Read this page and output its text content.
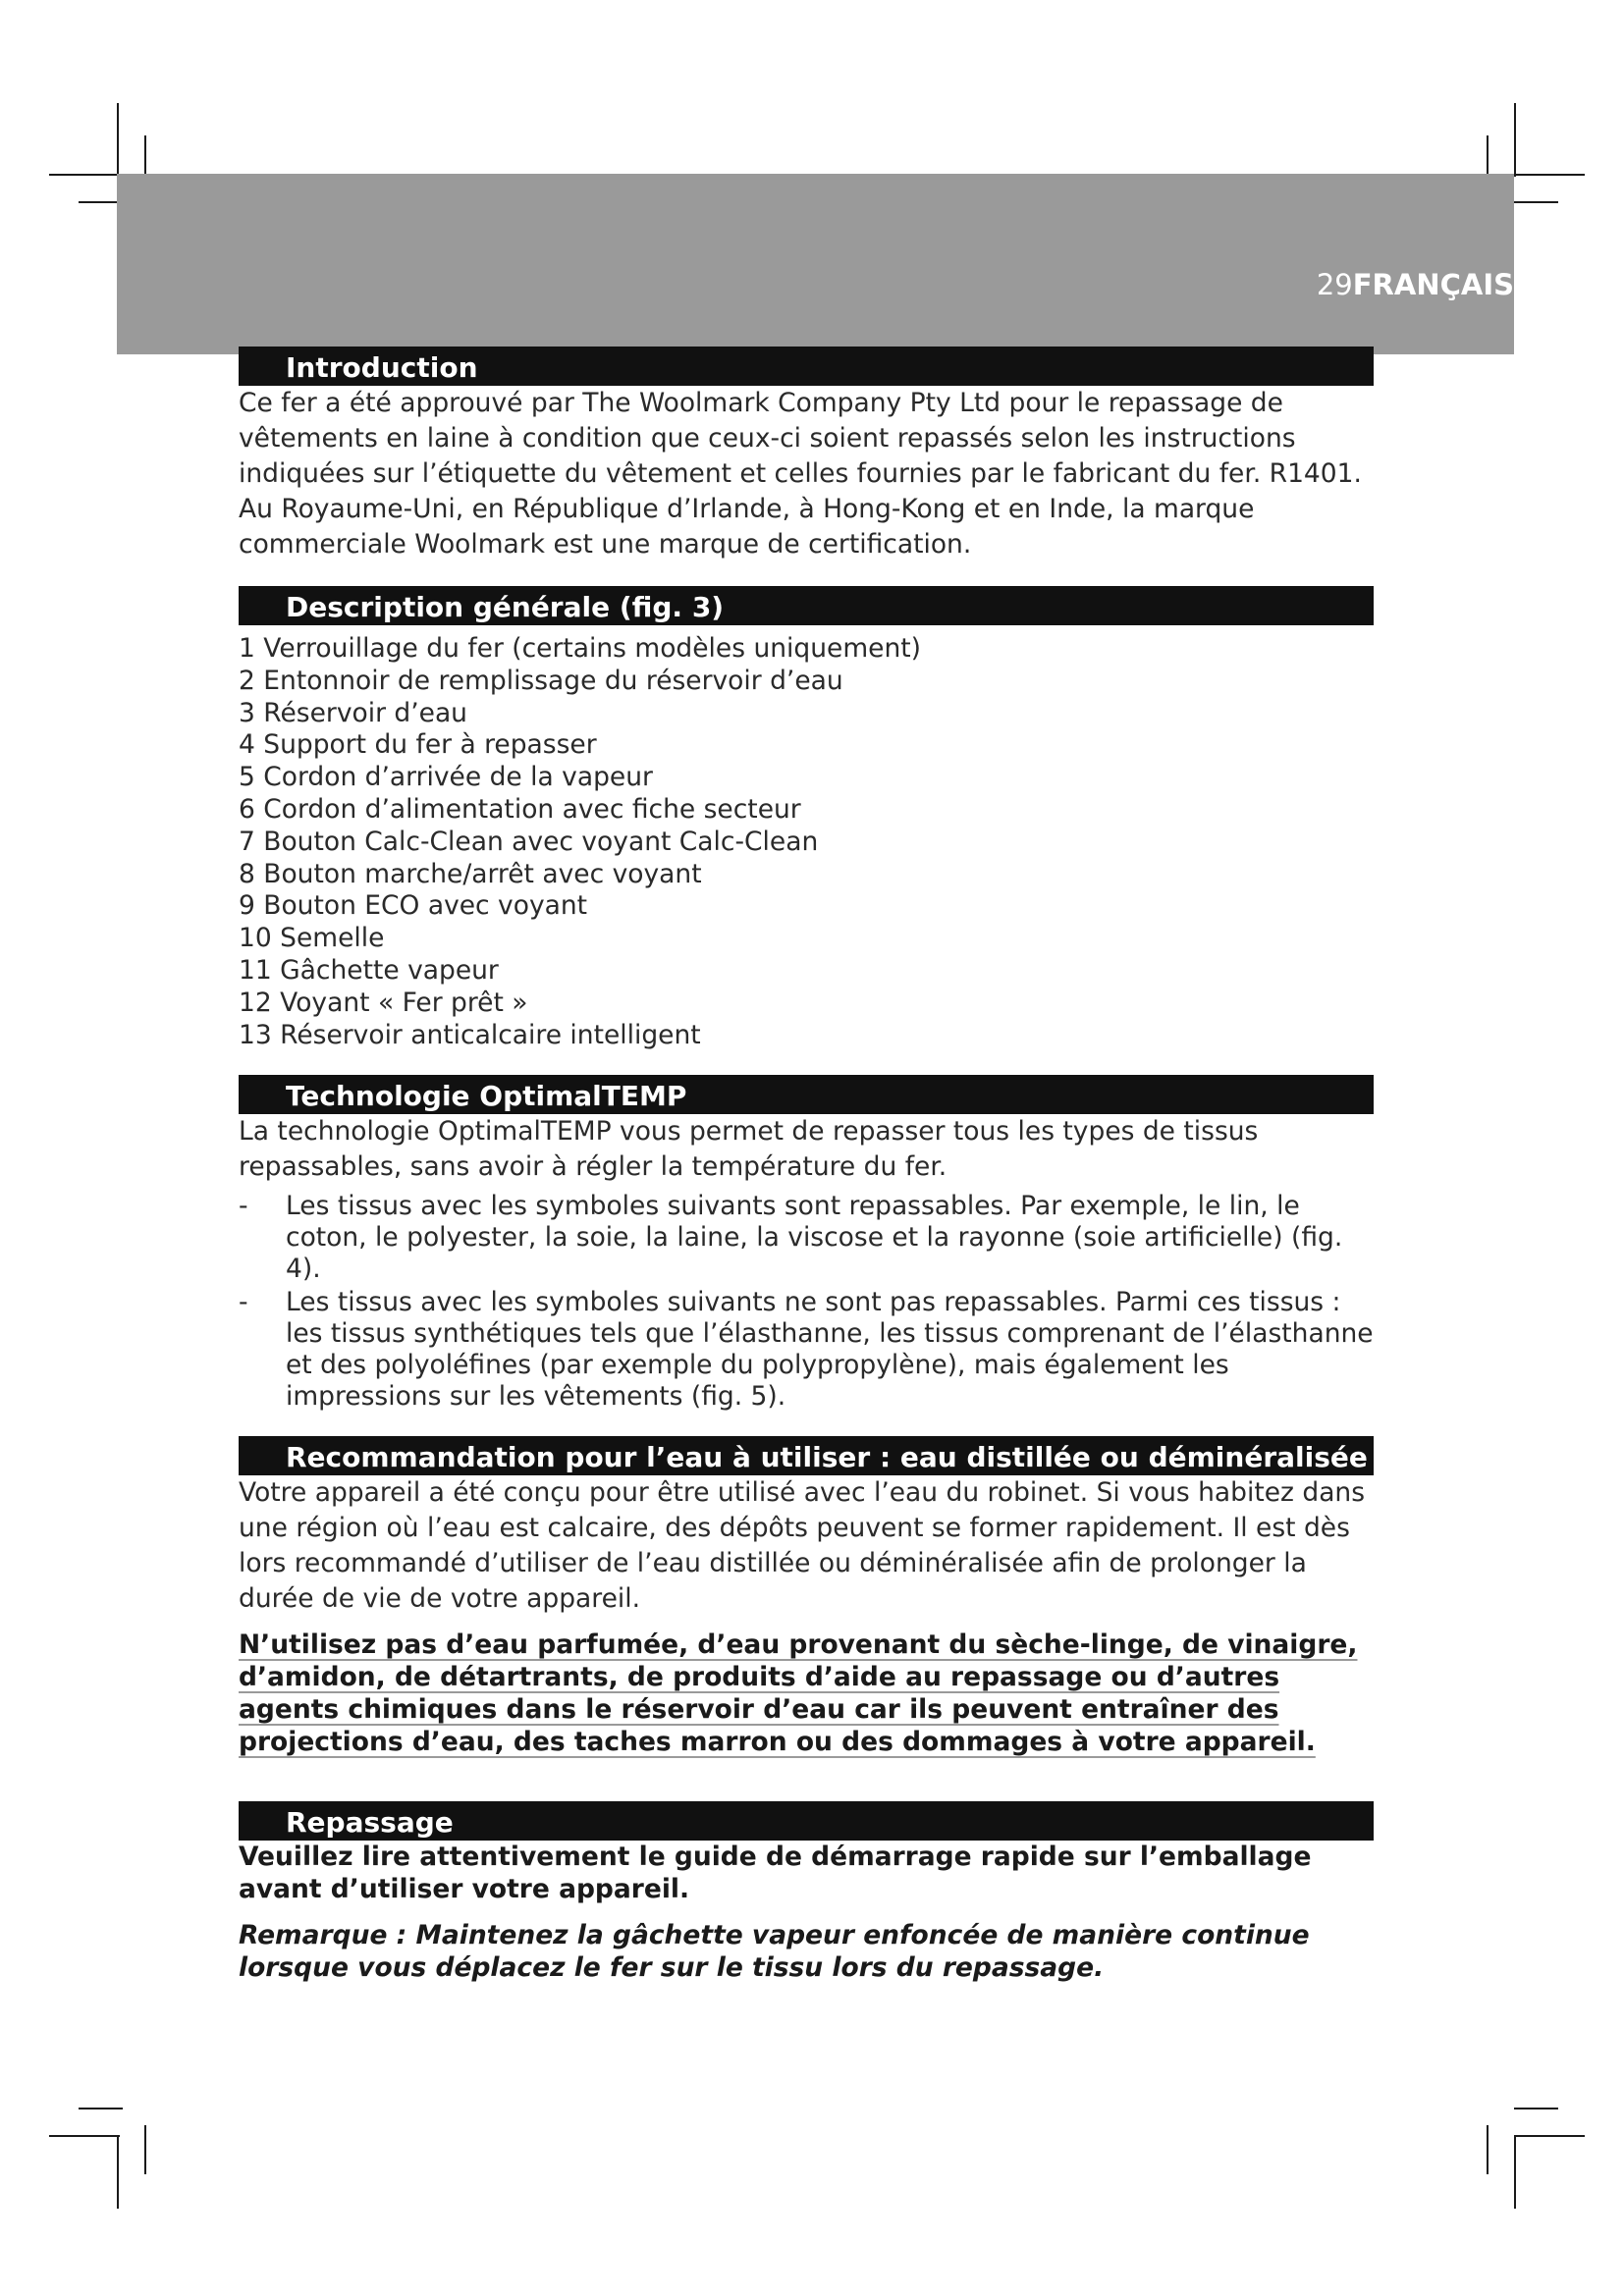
29FRANÇAIS
Introduction

Ce fer a été approuvé par The Woolmark Company Pty Ltd pour le repassage de vêtements en laine à condition que ceux-ci soient repassés selon les instructions indiquées sur l’étiquette du vêtement et celles fournies par le fabricant du fer. R1401. Au Royaume-Uni, en République d’Irlande, à Hong-Kong et en Inde, la marque commerciale Woolmark est une marque de certification.

Description générale (fig. 3)
1 Verrouillage du fer (certains modèles uniquement)
2 Entonnoir de remplissage du réservoir d’eau
3 Réservoir d’eau
4 Support du fer à repasser
5 Cordon d’arrivée de la vapeur
6 Cordon d’alimentation avec fiche secteur
7 Bouton Calc-Clean avec voyant Calc-Clean
8 Bouton marche/arrêt avec voyant
9 Bouton ECO avec voyant
10 Semelle
11 Gâchette vapeur
12 Voyant « Fer prêt »
13 Réservoir anticalcaire intelligent
Technologie OptimalTEMP

La technologie OptimalTEMP vous permet de repasser tous les types de tissus repassables, sans avoir à régler la température du fer.

- Les tissus avec les symboles suivants sont repassables. Par exemple, le lin, le coton, le polyester, la soie, la laine, la viscose et la rayonne (soie artificielle) (fig. 4).
- Les tissus avec les symboles suivants ne sont pas repassables. Parmi ces tissus : les tissus synthétiques tels que l’élasthanne, les tissus comprenant de l’élasthanne et des polyoléfines (par exemple du polypropylène), mais également les impressions sur les vêtements (fig. 5).
Recommandation pour l’eau à utiliser : eau distillée ou déminéralisée

Votre appareil a été conçu pour être utilisé avec l’eau du robinet. Si vous habitez dans une région où l’eau est calcaire, des dépôts peuvent se former rapidement. Il est dès lors recommandé d’utiliser de l’eau distillée ou déminéralisée afin de prolonger la durée de vie de votre appareil.

N’utilisez pas d’eau parfumée, d’eau provenant du sèche-linge, de vinaigre, d’amidon, de détartrants, de produits d’aide au repassage ou d’autres agents chimiques dans le réservoir d’eau car ils peuvent entraîner des projections d’eau, des taches marron ou des dommages à votre appareil.

Repassage

Veuillez lire attentivement le guide de démarrage rapide sur l’emballage avant d’utiliser votre appareil.

Remarque : Maintenez la gâchette vapeur enfoncée de manière continue lorsque vous déplacez le fer sur le tissu lors du repassage.
